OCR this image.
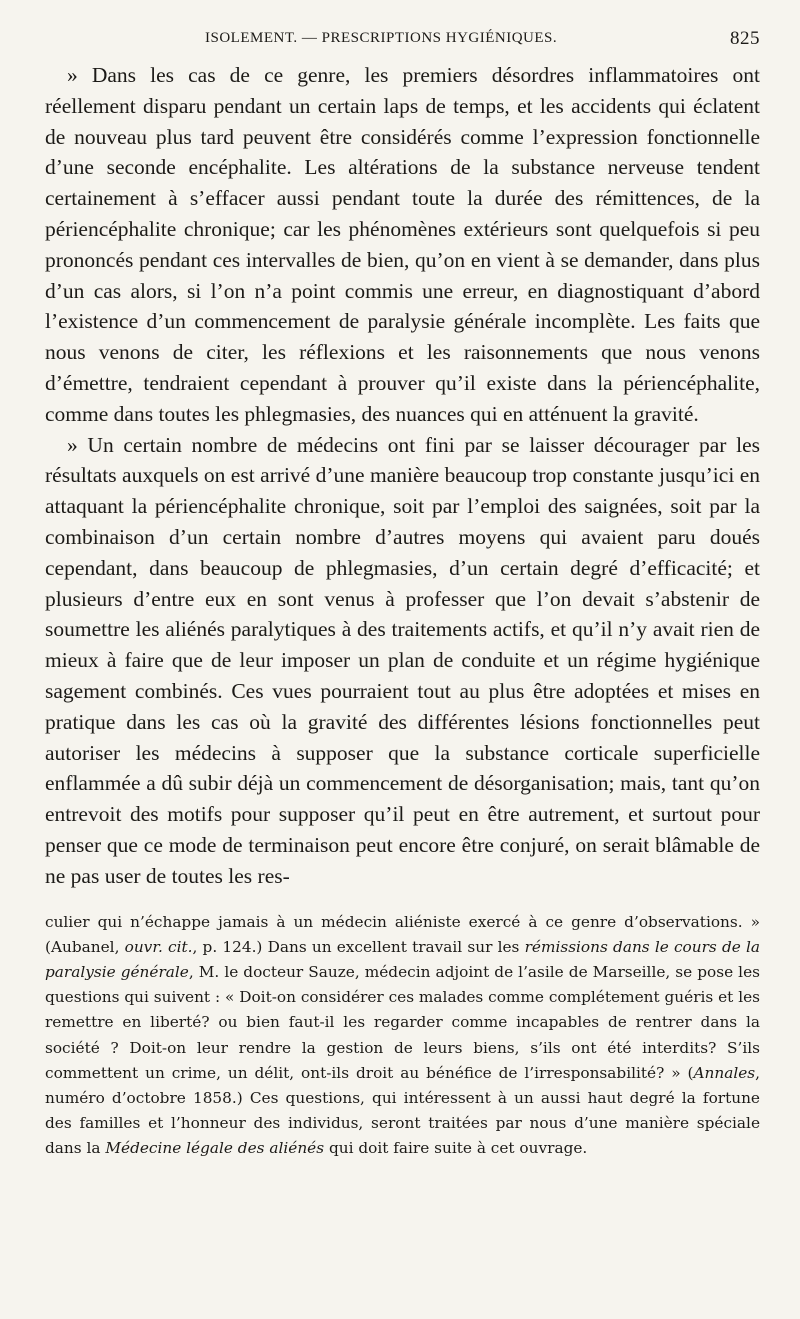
ISOLEMENT. — PRESCRIPTIONS HYGIÉNIQUES.	825

» Dans les cas de ce genre, les premiers désordres inflammatoires ont réellement disparu pendant un certain laps de temps, et les accidents qui éclatent de nouveau plus tard peuvent être considérés comme l’expression fonctionnelle d’une seconde encéphalite. Les altérations de la substance nerveuse tendent certainement à s’effacer aussi pendant toute la durée des rémittences, de la périencéphalite chronique; car les phénomènes extérieurs sont quelquefois si peu prononcés pendant ces intervalles de bien, qu’on en vient à se demander, dans plus d’un cas alors, si l’on n’a point commis une erreur, en diagnostiquant d’abord l’existence d’un commencement de paralysie générale incomplète. Les faits que nous venons de citer, les réflexions et les raisonnements que nous venons d’émettre, tendraient cependant à prouver qu’il existe dans la périencéphalite, comme dans toutes les phlegmasies, des nuances qui en atténuent la gravité.

» Un certain nombre de médecins ont fini par se laisser décourager par les résultats auxquels on est arrivé d’une manière beaucoup trop constante jusqu’ici en attaquant la périencéphalite chronique, soit par l’emploi des saignées, soit par la combinaison d’un certain nombre d’autres moyens qui avaient paru doués cependant, dans beaucoup de phlegmasies, d’un certain degré d’efficacité; et plusieurs d’entre eux en sont venus à professer que l’on devait s’abstenir de soumettre les aliénés paralytiques à des traitements actifs, et qu’il n’y avait rien de mieux à faire que de leur imposer un plan de conduite et un régime hygiénique sagement combinés. Ces vues pourraient tout au plus être adoptées et mises en pratique dans les cas où la gravité des différentes lésions fonctionnelles peut autoriser les médecins à supposer que la substance corticale superficielle enflammée a dû subir déjà un commencement de désorganisation; mais, tant qu’on entrevoit des motifs pour supposer qu’il peut en être autrement, et surtout pour penser que ce mode de terminaison peut encore être conjuré, on serait blâmable de ne pas user de toutes les res-

culier qui n’échappe jamais à un médecin aliéniste exercé à ce genre d’observations. » (Aubanel, ouvr. cit., p. 124.) Dans un excellent travail sur les rémissions dans le cours de la paralysie générale, M. le docteur Sauze, médecin adjoint de l’asile de Marseille, se pose les questions qui suivent : « Doit-on considérer ces malades comme complétement guéris et les remettre en liberté? ou bien faut-il les regarder comme incapables de rentrer dans la société ? Doit-on leur rendre la gestion de leurs biens, s’ils ont été interdits? S’ils commettent un crime, un délit, ont-ils droit au bénéfice de l’irresponsabilité? » (Annales, numéro d’octobre 1858.) Ces questions, qui intéressent à un aussi haut degré la fortune des familles et l’honneur des individus, seront traitées par nous d’une manière spéciale dans la Médecine légale des aliénés qui doit faire suite à cet ouvrage.
